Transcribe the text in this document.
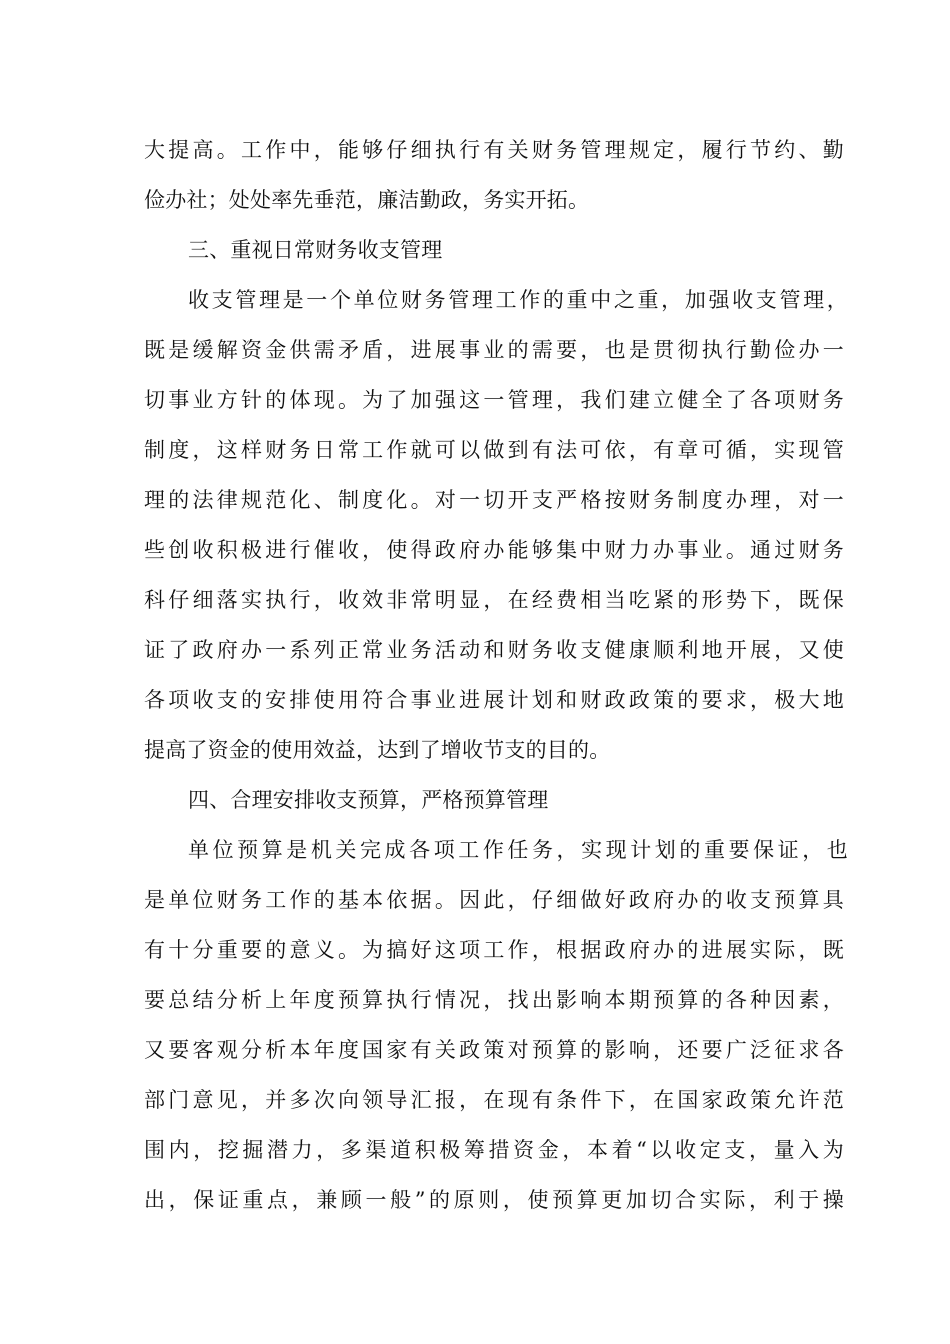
大提高。工作中，能够仔细执行有关财务管理规定，履行节约、勤
俭办社；处处率先垂范，廉洁勤政，务实开拓。
三、重视日常财务收支管理
收支管理是一个单位财务管理工作的重中之重，加强收支管理，
既是缓解资金供需矛盾，进展事业的需要，也是贯彻执行勤俭办一
切事业方针的体现。为了加强这一管理，我们建立健全了各项财务
制度，这样财务日常工作就可以做到有法可依，有章可循，实现管
理的法律规范化、制度化。对一切开支严格按财务制度办理，对一
些创收积极进行催收，使得政府办能够集中财力办事业。通过财务
科仔细落实执行，收效非常明显，在经费相当吃紧的形势下，既保
证了政府办一系列正常业务活动和财务收支健康顺利地开展，又使
各项收支的安排使用符合事业进展计划和财政政策的要求，极大地
提高了资金的使用效益，达到了增收节支的目的。
四、合理安排收支预算，严格预算管理
单位预算是机关完成各项工作任务，实现计划的重要保证，也
是单位财务工作的基本依据。因此，仔细做好政府办的收支预算具
有十分重要的意义。为搞好这项工作，根据政府办的进展实际，既
要总结分析上年度预算执行情况，找出影响本期预算的各种因素，
又要客观分析本年度国家有关政策对预算的影响，还要广泛征求各
部门意见，并多次向领导汇报，在现有条件下，在国家政策允许范
围内，挖掘潜力，多渠道积极筹措资金，本着“以收定支，量入为
出，保证重点，兼顾一般”的原则，使预算更加切合实际，利于操
